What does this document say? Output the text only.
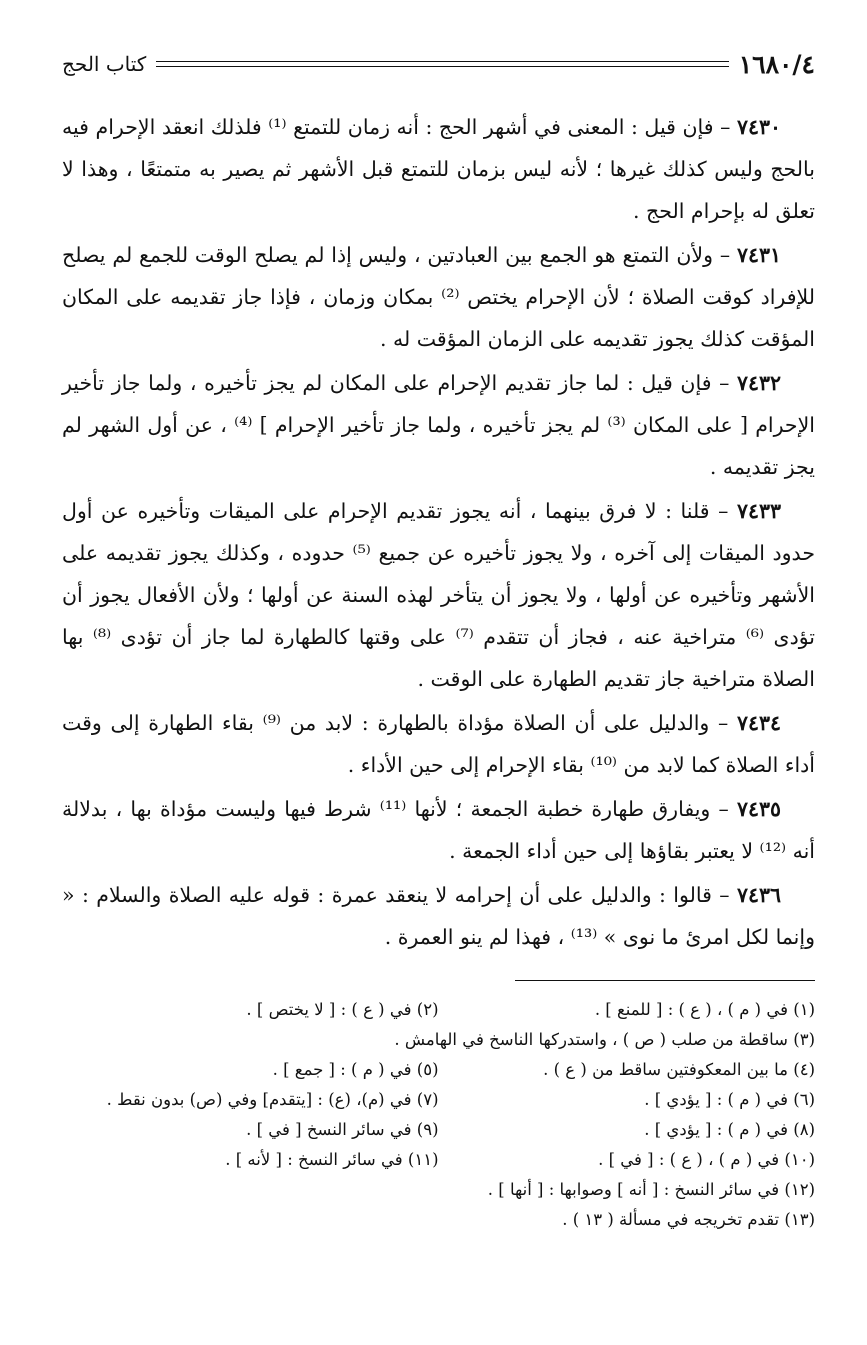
١٦٨٠/٤
كتاب الحج

٧٤٣٠ – فإن قيل : المعنى في أشهر الحج : أنه زمان للتمتع ⁽¹⁾ فلذلك انعقد الإحرام فيه بالحج وليس كذلك غيرها ؛ لأنه ليس بزمان للتمتع قبل الأشهر ثم يصير به متمتعًا ، وهذا لا تعلق له بإحرام الحج .

٧٤٣١ – ولأن التمتع هو الجمع بين العبادتين ، وليس إذا لم يصلح الوقت للجمع لم يصلح للإفراد كوقت الصلاة ؛ لأن الإحرام يختص ⁽²⁾ بمكان وزمان ، فإذا جاز تقديمه على المكان المؤقت كذلك يجوز تقديمه على الزمان المؤقت له .

٧٤٣٢ – فإن قيل : لما جاز تقديم الإحرام على المكان لم يجز تأخيره ، ولما جاز تأخير الإحرام [ على المكان ⁽³⁾ لم يجز تأخيره ، ولما جاز تأخير الإحرام ] ⁽⁴⁾ ، عن أول الشهر لم يجز تقديمه .

٧٤٣٣ – قلنا : لا فرق بينهما ، أنه يجوز تقديم الإحرام على الميقات وتأخيره عن أول حدود الميقات إلى آخره ، ولا يجوز تأخيره عن جميع ⁽⁵⁾ حدوده ، وكذلك يجوز تقديمه على الأشهر وتأخيره عن أولها ، ولا يجوز أن يتأخر لهذه السنة عن أولها ؛ ولأن الأفعال يجوز أن تؤدى ⁽⁶⁾ متراخية عنه ، فجاز أن تتقدم ⁽⁷⁾ على وقتها كالطهارة لما جاز أن تؤدى ⁽⁸⁾ بها الصلاة متراخية جاز تقديم الطهارة على الوقت .

٧٤٣٤ – والدليل على أن الصلاة مؤداة بالطهارة : لابد من ⁽⁹⁾ بقاء الطهارة إلى وقت أداء الصلاة كما لابد من ⁽¹⁰⁾ بقاء الإحرام إلى حين الأداء .

٧٤٣٥ – ويفارق طهارة خطبة الجمعة ؛ لأنها ⁽¹¹⁾ شرط فيها وليست مؤداة بها ، بدلالة أنه ⁽¹²⁾ لا يعتبر بقاؤها إلى حين أداء الجمعة .

٧٤٣٦ – قالوا : والدليل على أن إحرامه لا ينعقد عمرة : قوله عليه الصلاة والسلام : « وإنما لكل امرئ ما نوى » ⁽¹³⁾ ، فهذا لم ينو العمرة .

(١) في ( م ) ، ( ع ) : [ للمنع ] .
(٢) في ( ع ) : [ لا يختص ] .
(٣) ساقطة من صلب ( ص ) ، واستدركها الناسخ في الهامش .
(٤) ما بين المعكوفتين ساقط من ( ع ) .
(٥) في ( م ) : [ جمع ] .
(٦) في ( م ) : [ يؤدي ] .
(٧) في (م)، (ع) : [يتقدم] وفي (ص) بدون نقط .
(٨) في ( م ) : [ يؤدي ] .
(٩) في سائر النسخ [ في ] .
(١٠) في ( م ) ، ( ع ) : [ في ] .
(١١) في سائر النسخ : [ لأنه ] .
(١٢) في سائر النسخ : [ أنه ] وصوابها : [ أنها ] .
(١٣) تقدم تخريجه في مسألة ( ١٣ ) .
